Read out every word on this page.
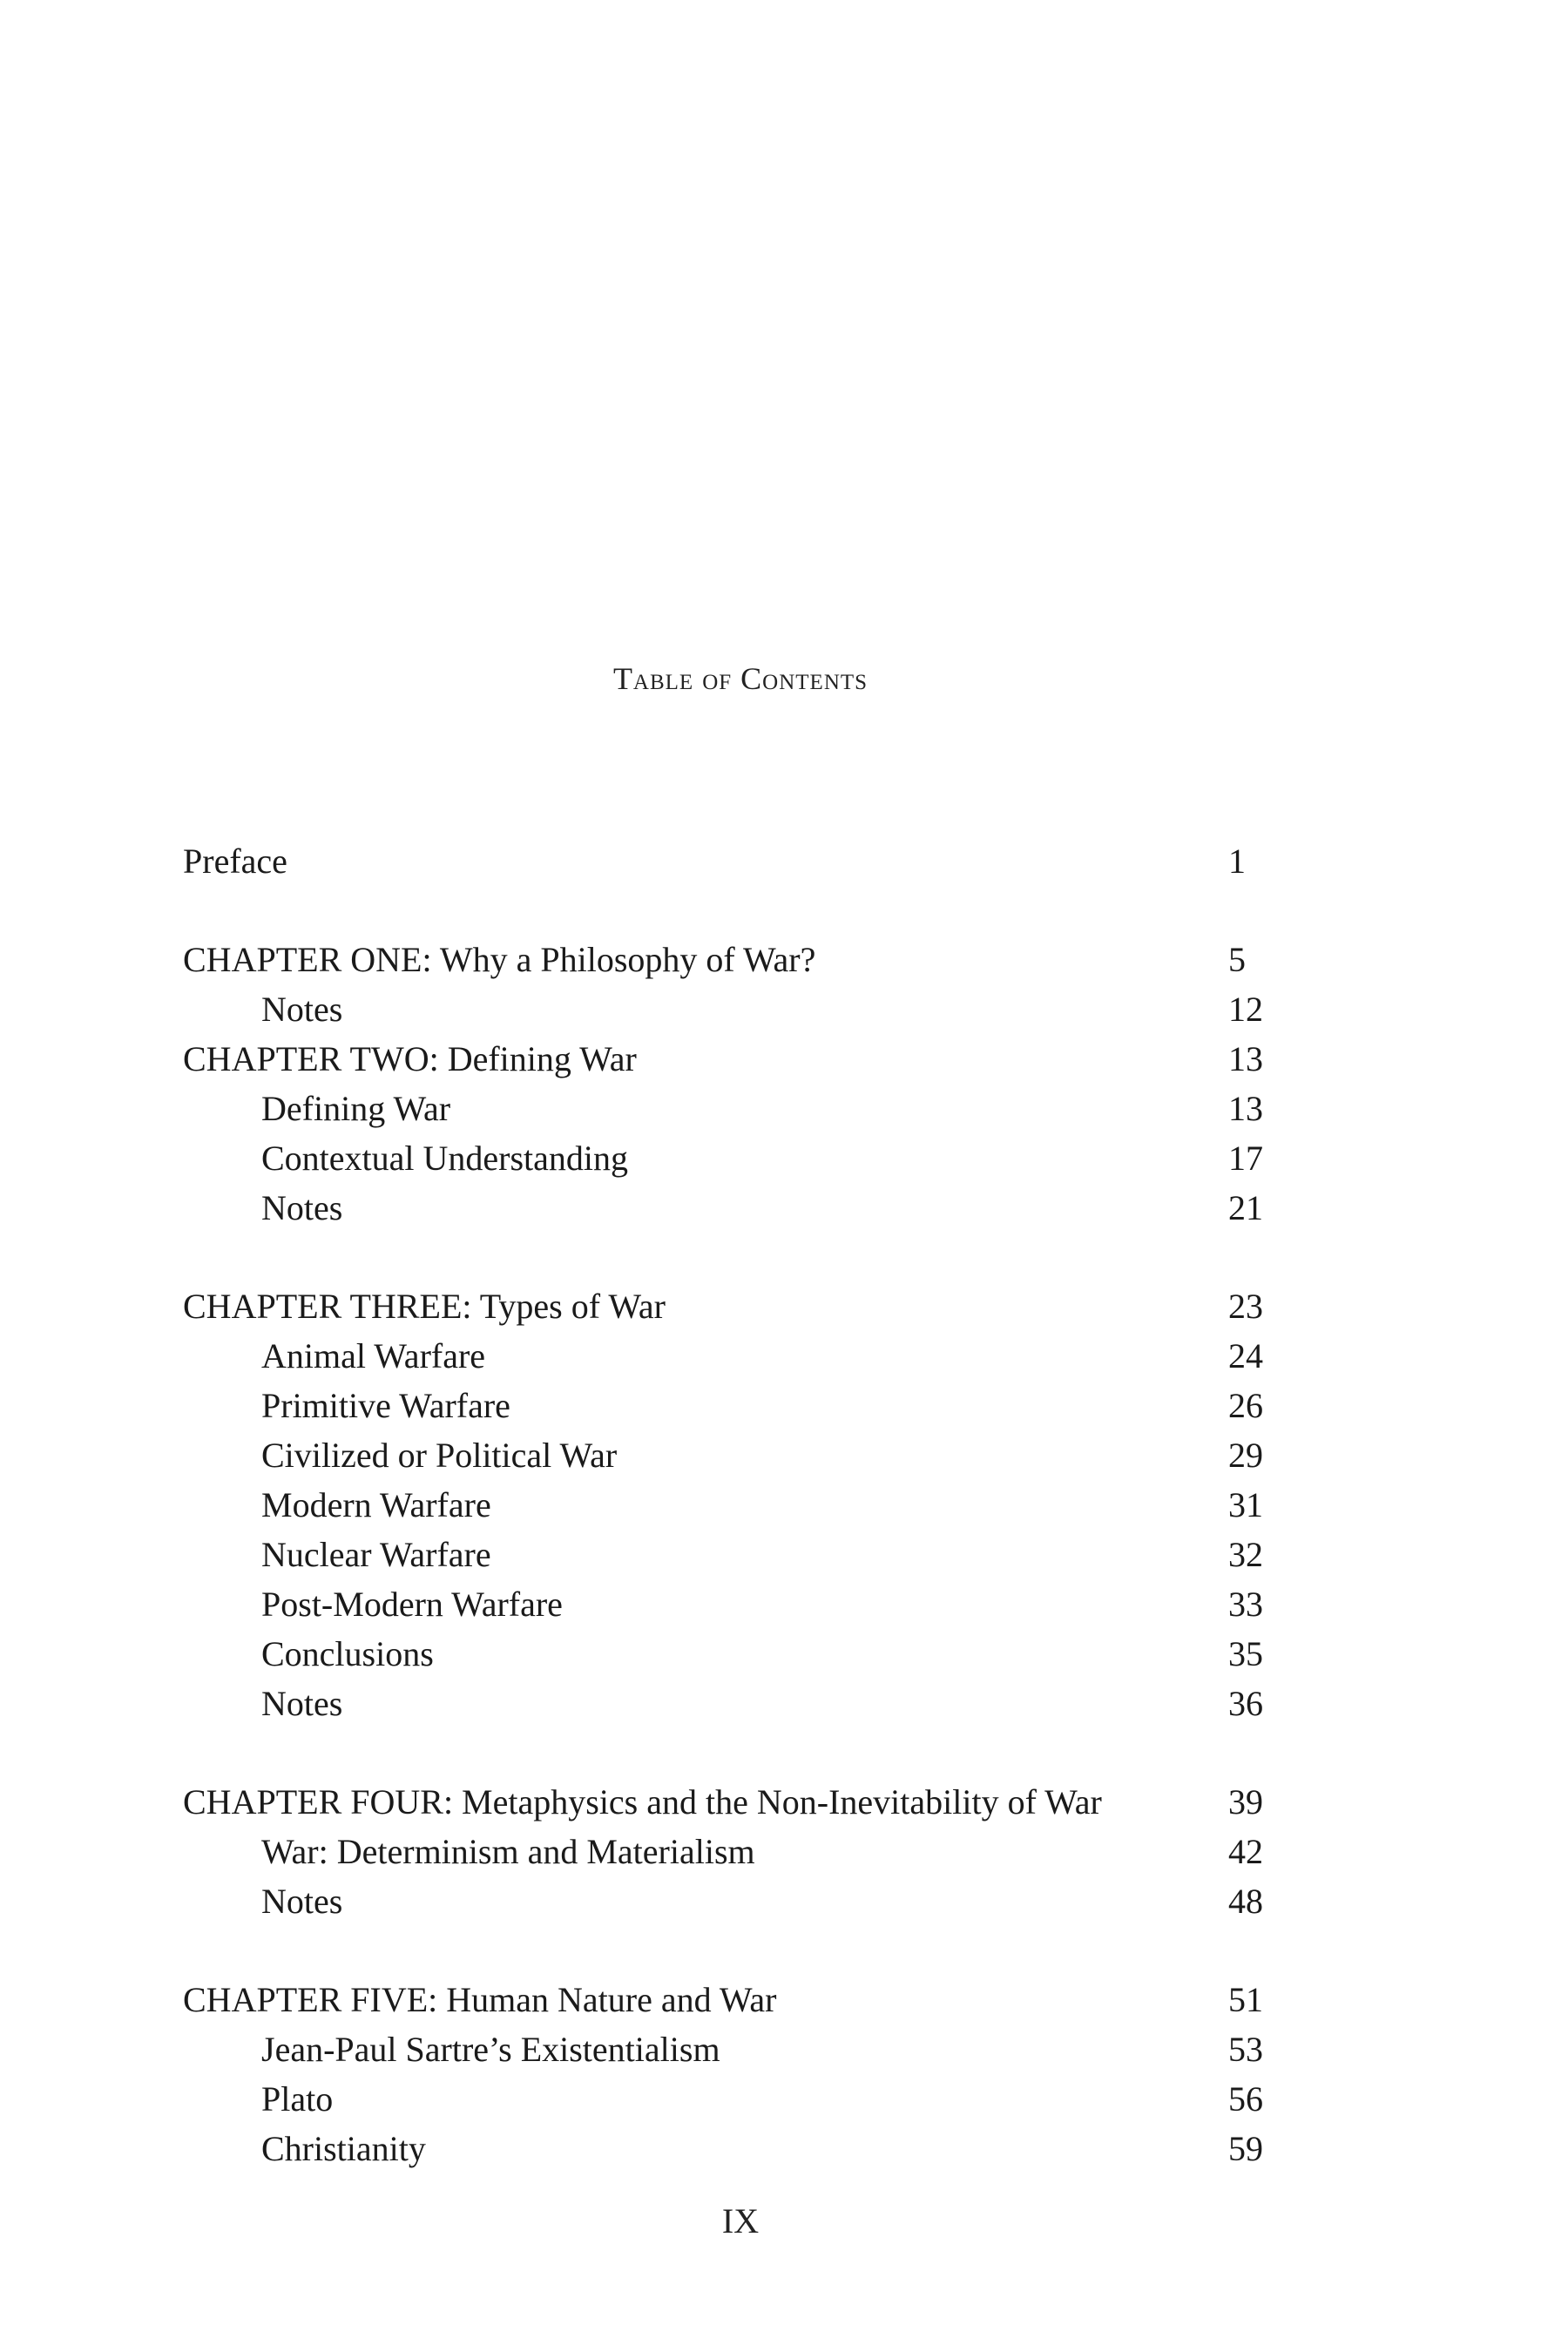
Table of Contents
Preface	1
CHAPTER ONE: Why a Philosophy of War?	5
Notes	12
CHAPTER TWO: Defining War	13
Defining War	13
Contextual Understanding	17
Notes	21
CHAPTER THREE: Types of War	23
Animal Warfare	24
Primitive Warfare	26
Civilized or Political War	29
Modern Warfare	31
Nuclear Warfare	32
Post-Modern Warfare	33
Conclusions	35
Notes	36
CHAPTER FOUR: Metaphysics and the Non-Inevitability of War	39
War: Determinism and Materialism	42
Notes	48
CHAPTER FIVE: Human Nature and War	51
Jean-Paul Sartre’s Existentialism	53
Plato	56
Christianity	59
IX
